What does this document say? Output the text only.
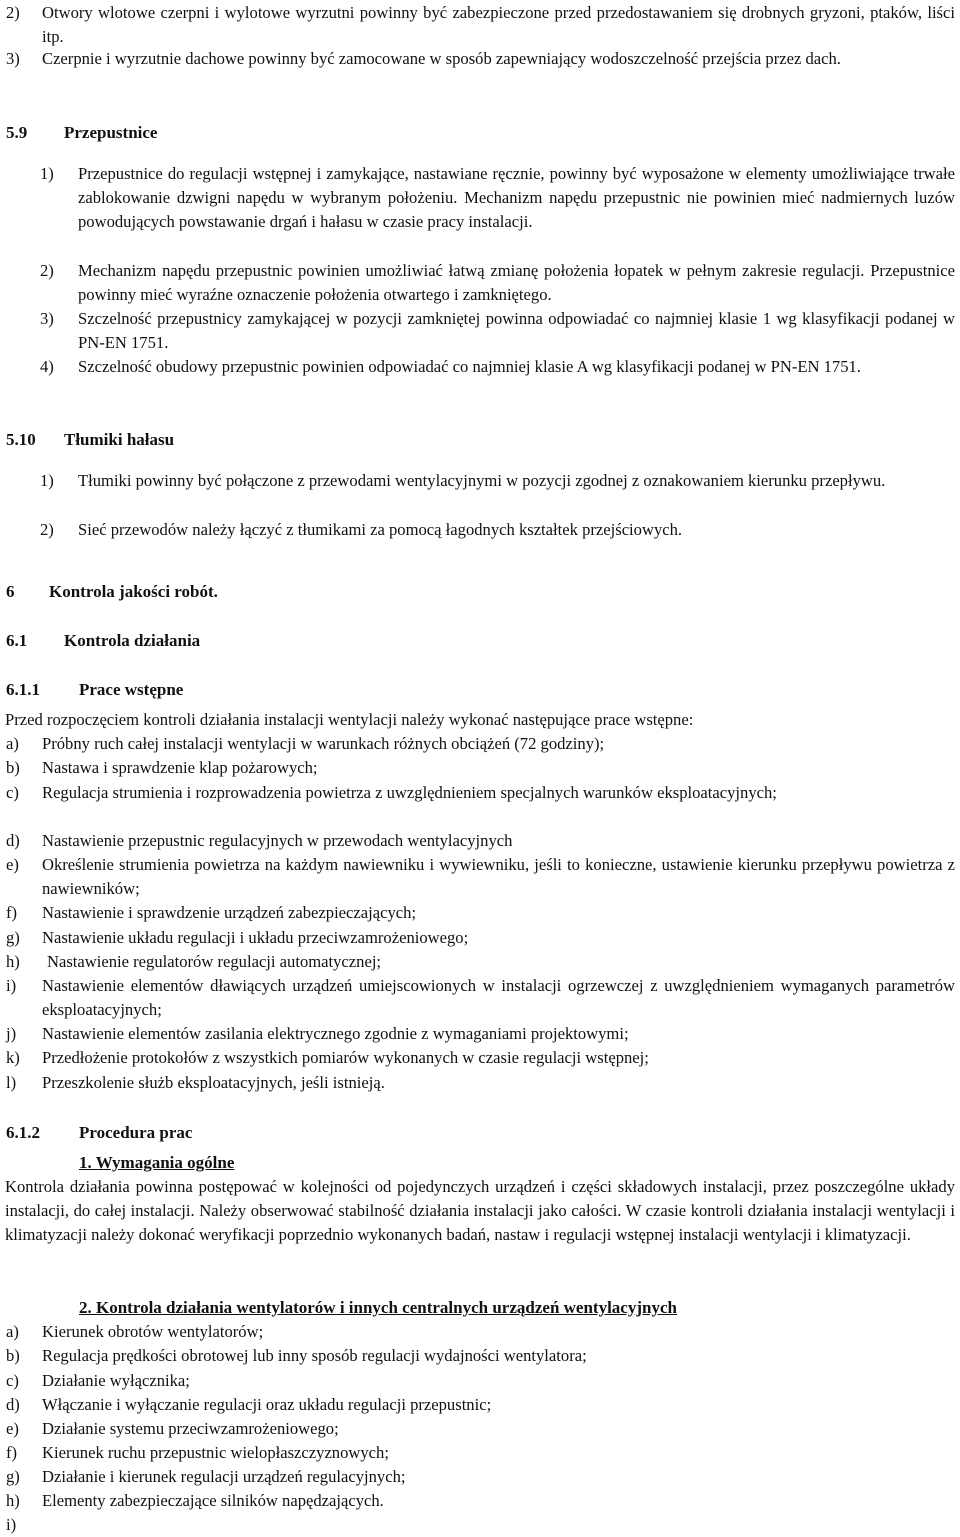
2) Otwory wlotowe czerpni i wylotowe wyrzutni powinny być zabezpieczone przed przedostawaniem się drobnych gryzoni, ptaków, liści itp.
3) Czerpnie i wyrzutnie dachowe powinny być zamocowane w sposób zapewniający wodoszczelność przejścia przez dach.
5.9 Przepustnice
1) Przepustnice do regulacji wstępnej i zamykające, nastawiane ręcznie, powinny być wyposażone w elementy umożliwiające trwałe zablokowanie dzwigni napędu w wybranym położeniu. Mechanizm napędu przepustnic nie powinien mieć nadmiernych luzów powodujących powstawanie drgań i hałasu w czasie pracy instalacji.
2) Mechanizm napędu przepustnic powinien umożliwiać łatwą zmianę położenia łopatek w pełnym zakresie regulacji. Przepustnice powinny mieć wyraźne oznaczenie położenia otwartego i zamkniętego.
3) Szczelność przepustnicy zamykającej w pozycji zamkniętej powinna odpowiadać co najmniej klasie 1 wg klasyfikacji podanej w PN-EN 1751.
4) Szczelność obudowy przepustnic powinien odpowiadać co najmniej klasie A wg klasyfikacji podanej w PN-EN 1751.
5.10 Tłumiki hałasu
1) Tłumiki powinny być połączone z przewodami wentylacyjnymi w pozycji zgodnej z oznakowaniem kierunku przepływu.
2) Sieć przewodów należy łączyć z tłumikami za pomocą łagodnych kształtek przejściowych.
6 Kontrola jakości robót.
6.1 Kontrola działania
6.1.1 Prace wstępne
Przed rozpoczęciem kontroli działania instalacji wentylacji należy wykonać następujące prace wstępne:
a) Próbny ruch całej instalacji wentylacji w warunkach różnych obciążeń (72 godziny);
b) Nastawa i sprawdzenie klap pożarowych;
c) Regulacja strumienia i rozprowadzenia powietrza z uwzględnieniem specjalnych warunków eksploatacyjnych;
d) Nastawienie przepustnic regulacyjnych w przewodach wentylacyjnych
e) Określenie strumienia powietrza na każdym nawiewniku i wywiewniku, jeśli to konieczne, ustawienie kierunku przepływu powietrza z nawiewników;
f) Nastawienie i sprawdzenie urządzeń zabezpieczających;
g) Nastawienie układu regulacji i układu przeciwzamrożeniowego;
h) Nastawienie regulatorów regulacji automatycznej;
i) Nastawienie elementów dławiących urządzeń umiejscowionych w instalacji ogrzewczej z uwzględnieniem wymaganych parametrów eksploatacyjnych;
j) Nastawienie elementów zasilania elektrycznego zgodnie z wymaganiami projektowymi;
k) Przedłożenie protokołów z wszystkich pomiarów wykonanych w czasie regulacji wstępnej;
l) Przeszkolenie służb eksploatacyjnych, jeśli istnieją.
6.1.2 Procedura prac
1. Wymagania ogólne
Kontrola działania powinna postępować w kolejności od pojedynczych urządzeń i części składowych instalacji, przez poszczególne układy instalacji, do całej instalacji. Należy obserwować stabilność działania instalacji jako całości. W czasie kontroli działania instalacji wentylacji i klimatyzacji należy dokonać weryfikacji poprzednio wykonanych badań, nastaw i regulacji wstępnej instalacji wentylacji i klimatyzacji.
2. Kontrola działania wentylatorów i innych centralnych urządzeń wentylacyjnych
a) Kierunek obrotów wentylatorów;
b) Regulacja prędkości obrotowej lub inny sposób regulacji wydajności wentylatora;
c) Działanie wyłącznika;
d) Włączanie i wyłączanie regulacji oraz układu regulacji przepustnic;
e) Działanie systemu przeciwzamrożeniowego;
f) Kierunek ruchu przepustnic wielopłaszczyznowych;
g) Działanie i kierunek regulacji urządzeń regulacyjnych;
h) Elementy zabezpieczające silników napędzających.
i)
